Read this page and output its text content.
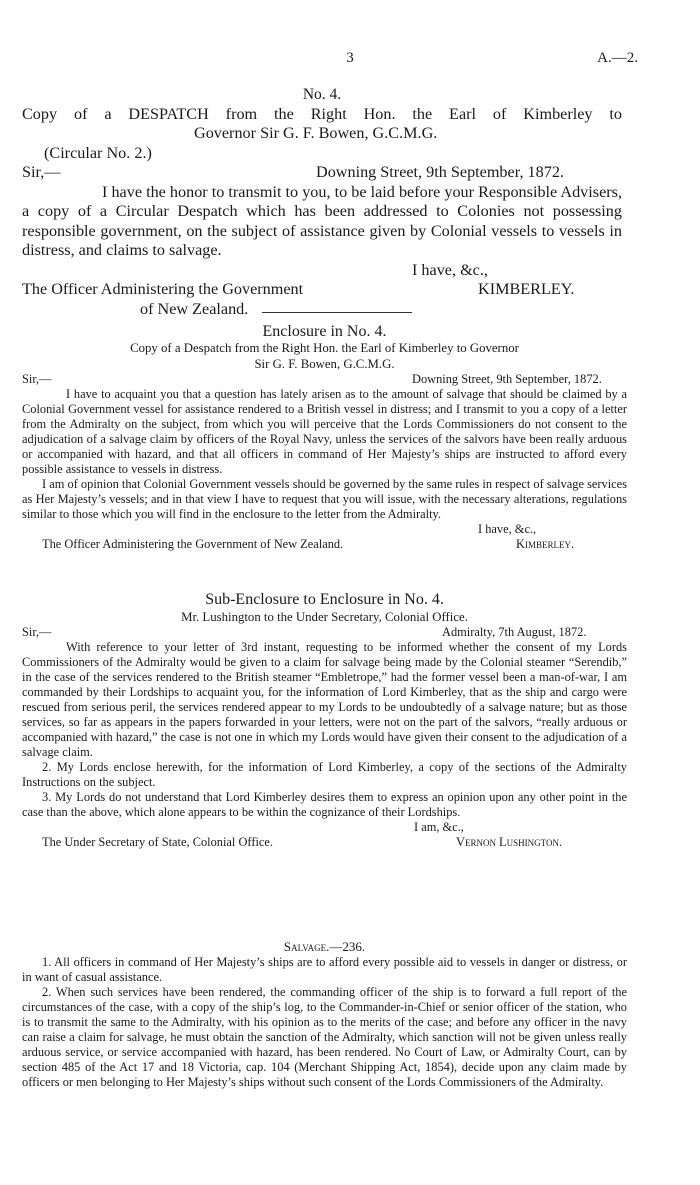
3	A.—2.
No. 4.
Copy of a DESPATCH from the Right Hon. the Earl of Kimberley to
Governor Sir G. F. Bowen, G.C.M.G.
(Circular No. 2.)
Sir,—	Downing Street, 9th September, 1872.
I have the honor to transmit to you, to be laid before your Responsible Advisers, a copy of a Circular Despatch which has been addressed to Colonies not possessing responsible government, on the subject of assistance given by Colonial vessels to vessels in distress, and claims to salvage.
I have, &c.,
The Officer Administering the Government	KIMBERLEY.
of New Zealand.
Enclosure in No. 4.
Copy of a Despatch from the Right Hon. the Earl of Kimberley to Governor
Sir G. F. Bowen, G.C.M.G.
Sir,—	Downing Street, 9th September, 1872.

I have to acquaint you that a question has lately arisen as to the amount of salvage that should be claimed by a Colonial Government vessel for assistance rendered to a British vessel in distress; and I transmit to you a copy of a letter from the Admiralty on the subject, from which you will perceive that the Lords Commissioners do not consent to the adjudication of a salvage claim by officers of the Royal Navy, unless the services of the salvors have been really arduous or accompanied with hazard, and that all officers in command of Her Majesty’s ships are instructed to afford every possible assistance to vessels in distress.

I am of opinion that Colonial Government vessels should be governed by the same rules in respect of salvage services as Her Majesty’s vessels; and in that view I have to request that you will issue, with the necessary alterations, regulations similar to those which you will find in the enclosure to the letter from the Admiralty.

I have, &c.,
The Officer Administering the Government of New Zealand.	Kimberley.
Sub-Enclosure to Enclosure in No. 4.
Mr. Lushington to the Under Secretary, Colonial Office.
Sir,—	Admiralty, 7th August, 1872.

With reference to your letter of 3rd instant, requesting to be informed whether the consent of my Lords Commissioners of the Admiralty would be given to a claim for salvage being made by the Colonial steamer “Serendib,” in the case of the services rendered to the British steamer “Embletrope,” had the former vessel been a man-of-war, I am commanded by their Lordships to acquaint you, for the information of Lord Kimberley, that as the ship and cargo were rescued from serious peril, the services rendered appear to my Lords to be undoubtedly of a salvage nature; but as those services, so far as appears in the papers forwarded in your letters, were not on the part of the salvors, “really arduous or accompanied with hazard,” the case is not one in which my Lords would have given their consent to the adjudication of a salvage claim.

2. My Lords enclose herewith, for the information of Lord Kimberley, a copy of the sections of the Admiralty Instructions on the subject.

3. My Lords do not understand that Lord Kimberley desires them to express an opinion upon any other point in the case than the above, which alone appears to be within the cognizance of their Lordships.

I am, &c.,
The Under Secretary of State, Colonial Office.	Vernon Lushington.
Salvage.—236.

1. All officers in command of Her Majesty’s ships are to afford every possible aid to vessels in danger or distress, or in want of casual assistance.

2. When such services have been rendered, the commanding officer of the ship is to forward a full report of the circumstances of the case, with a copy of the ship’s log, to the Commander-in-Chief or senior officer of the station, who is to transmit the same to the Admiralty, with his opinion as to the merits of the case; and before any officer in the navy can raise a claim for salvage, he must obtain the sanction of the Admiralty, which sanction will not be given unless really arduous service, or service accompanied with hazard, has been rendered. No Court of Law, or Admiralty Court, can by section 485 of the Act 17 and 18 Victoria, cap. 104 (Merchant Shipping Act, 1854), decide upon any claim made by officers or men belonging to Her Majesty’s ships without such consent of the Lords Commissioners of the Admiralty.
